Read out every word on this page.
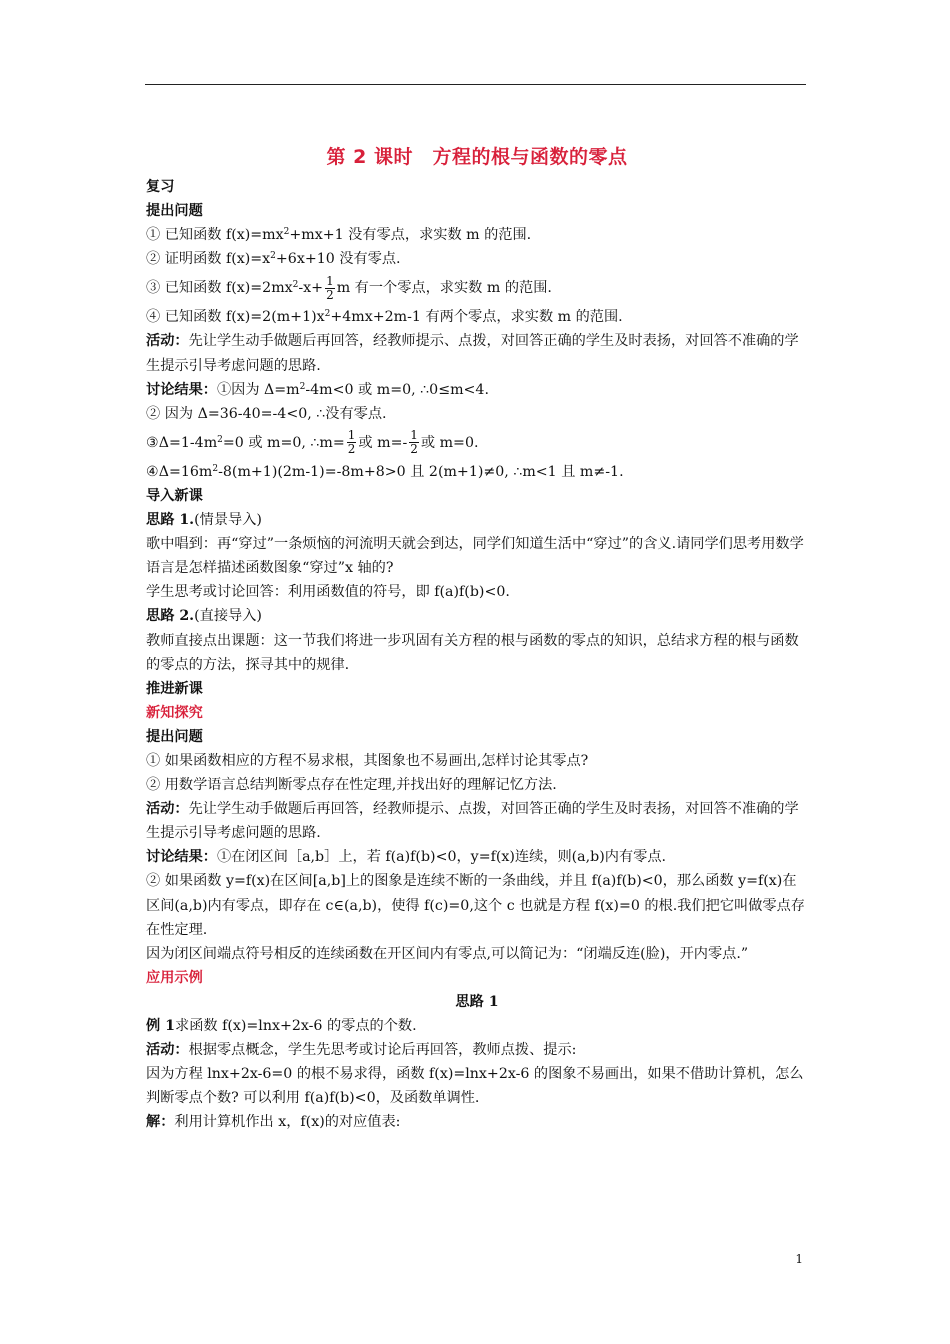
第 2 课时　方程的根与函数的零点

复习

提出问题

① 已知函数 $f(x)=mx^2+mx+1$ 没有零点，求实数 m 的范围.

② 证明函数 $f(x)=x^2+6x+10$ 没有零点.

③ 已知函数 $f(x)=2mx^2-x+ \frac{1}{2}$ m 有一个零点，求实数 m 的范围.

④ 已知函数 $f(x)=2(m+1)x^2+4mx+2m-1$ 有两个零点，求实数 m 的范围.

活动：先让学生动手做题后再回答，经教师提示、点拨，对回答正确的学生及时表扬，对回答不准确的学生提示引导考虑问题的思路.

讨论结果：①因为 $\Delta=m^2-4m<0$ 或 m=0, ∴0≤m<4.

② 因为 Δ=36-40=-4<0, ∴没有零点.

$③\Delta=1-4m^2=0$ 或 m=0, ∴m= $\frac{1}{2}$ 或 $m=- \frac{1}{2}$ 或 m=0.

$④\Delta=16m^2-8(m+1)(2m-1)=-8m+8>0$ 且 2(m+1)≠0, ∴m<1 且 m≠-1.

导入新课

思路 1.(情景导入)

歌中唱到：再“穿过”一条烦恼的河流明天就会到达，同学们知道生活中“穿过”的含义.请同学们思考用数学语言是怎样描述函数图象“穿过”x 轴的?

学生思考或讨论回答：利用函数值的符号，即 f(a)f(b)<0.

思路 2.(直接导入)

教师直接点出课题：这一节我们将进一步巩固有关方程的根与函数的零点的知识，总结求方程的根与函数的零点的方法，探寻其中的规律.

推进新课

新知探究

提出问题

① 如果函数相应的方程不易求根，其图象也不易画出,怎样讨论其零点?

② 用数学语言总结判断零点存在性定理,并找出好的理解记忆方法.

活动：先让学生动手做题后再回答，经教师提示、点拨，对回答正确的学生及时表扬，对回答不准确的学生提示引导考虑问题的思路.

讨论结果：①在闭区间［a,b］上，若 f(a)f(b)<0，y=f(x)连续，则(a,b)内有零点.

② 如果函数 y=f(x)在区间[a,b]上的图象是连续不断的一条曲线，并且 f(a)f(b)<0，那么函数 y=f(x)在区间(a,b)内有零点，即存在 c∈(a,b)，使得 f(c)=0,这个 c 也就是方程 f(x)=0 的根.我们把它叫做零点存在性定理.

因为闭区间端点符号相反的连续函数在开区间内有零点,可以简记为：“闭端反连(脸)，开内零点.”

应用示例

思路 1

例 1求函数 f(x)=lnx+2x-6 的零点的个数.

活动：根据零点概念，学生先思考或讨论后再回答，教师点拨、提示:

因为方程 lnx+2x-6=0 的根不易求得，函数 f(x)=lnx+2x-6 的图象不易画出，如果不借助计算机，怎么判断零点个数? 可以利用 f(a)f(b)<0，及函数单调性.

解：利用计算机作出 x，f(x)的对应值表:

1
